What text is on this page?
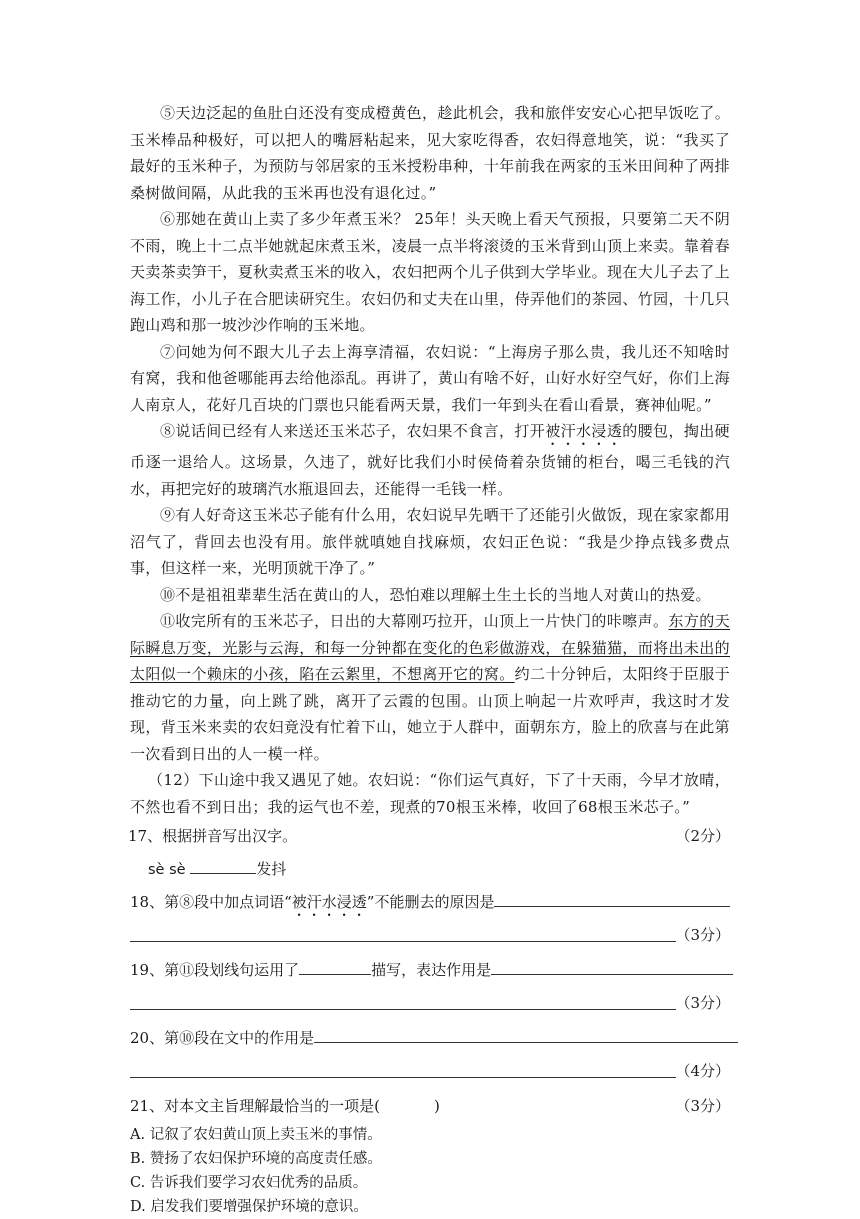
⑤天边泛起的鱼肚白还没有变成橙黄色，趁此机会，我和旅伴安安心心把早饭吃了。玉米棒品种极好，可以把人的嘴唇粘起来，见大家吃得香，农妇得意地笑，说：“我买了最好的玉米种子，为预防与邻居家的玉米授粉串种，十年前我在两家的玉米田间种了两排桑树做间隔，从此我的玉米再也没有退化过。”

⑥那她在黄山上卖了多少年煮玉米？ 25年！头天晚上看天气预报，只要第二天不阴不雨，晚上十二点半她就起床煮玉米，凌晨一点半将滚烫的玉米背到山顶上来卖。靠着春天卖茶卖笋干，夏秋卖煮玉米的收入，农妇把两个儿子供到大学毕业。现在大儿子去了上海工作，小儿子在合肥读研究生。农妇仍和丈夫在山里，侍弄他们的茶园、竹园，十几只跑山鸡和那一坡沙沙作响的玉米地。

⑦问她为何不跟大儿子去上海享清福，农妇说：“上海房子那么贵，我儿还不知啥时有窝，我和他爸哪能再去给他添乱。再讲了，黄山有啥不好，山好水好空气好，你们上海人南京人，花好几百块的门票也只能看两天景，我们一年到头在看山看景，赛神仙呢。”

⑧说话间已经有人来送还玉米芯子，农妇果不食言，打开被汗水浸透的腰包，掏出硬币逐一退给人。这场景，久违了，就好比我们小时侯倚着杂货铺的柜台，喝三毛钱的汽水，再把完好的玻璃汽水瓶退回去，还能得一毛钱一样。

⑨有人好奇这玉米芯子能有什么用，农妇说早先晒干了还能引火做饭，现在家家都用沼气了，背回去也没有用。旅伴就嗔她自找麻烦，农妇正色说：“我是少挣点钱多费点事，但这样一来，光明顶就干净了。”

⑩不是祖祖辈辈生活在黄山的人，恐怕难以理解土生土长的当地人对黄山的热爱。

⑪收完所有的玉米芯子，日出的大幕刚巧拉开，山顶上一片快门的咔嚓声。东方的天际瞬息万变，光影与云海，和每一分钟都在变化的色彩做游戏，在躲猫猫，而将出未出的太阳似一个赖床的小孩，陷在云絮里，不想离开它的窝。约二十分钟后，太阳终于臣服于推动它的力量，向上跳了跳，离开了云霞的包围。山顶上响起一片欢呼声，我这时才发现，背玉米来卖的农妇竟没有忙着下山，她立于人群中，面朝东方，脸上的欣喜与在此第一次看到日出的人一模一样。

（12）下山途中我又遇见了她。农妇说：“你们运气真好，下了十天雨，今早才放晴，不然也看不到日出；我的运气也不差，现煮的70根玉米棒，收回了68根玉米芯子。”

17、根据拼音写出汉字。	（2分）
sè sè	发抖
18、第⑧段中加点词语“被汗水浸透”不能删去的原因是
（3分）
19、第⑪段划线句运用了	描写，表达作用是
（3分）
20、第⑩段在文中的作用是
（4分）
21、对本文主旨理解最恰当的一项是(	)	（3分）

A. 记叙了农妇黄山顶上卖玉米的事情。

B. 赞扬了农妇保护环境的高度责任感。

C. 告诉我们要学习农妇优秀的品质。

D. 启发我们要增强保护环境的意识。
